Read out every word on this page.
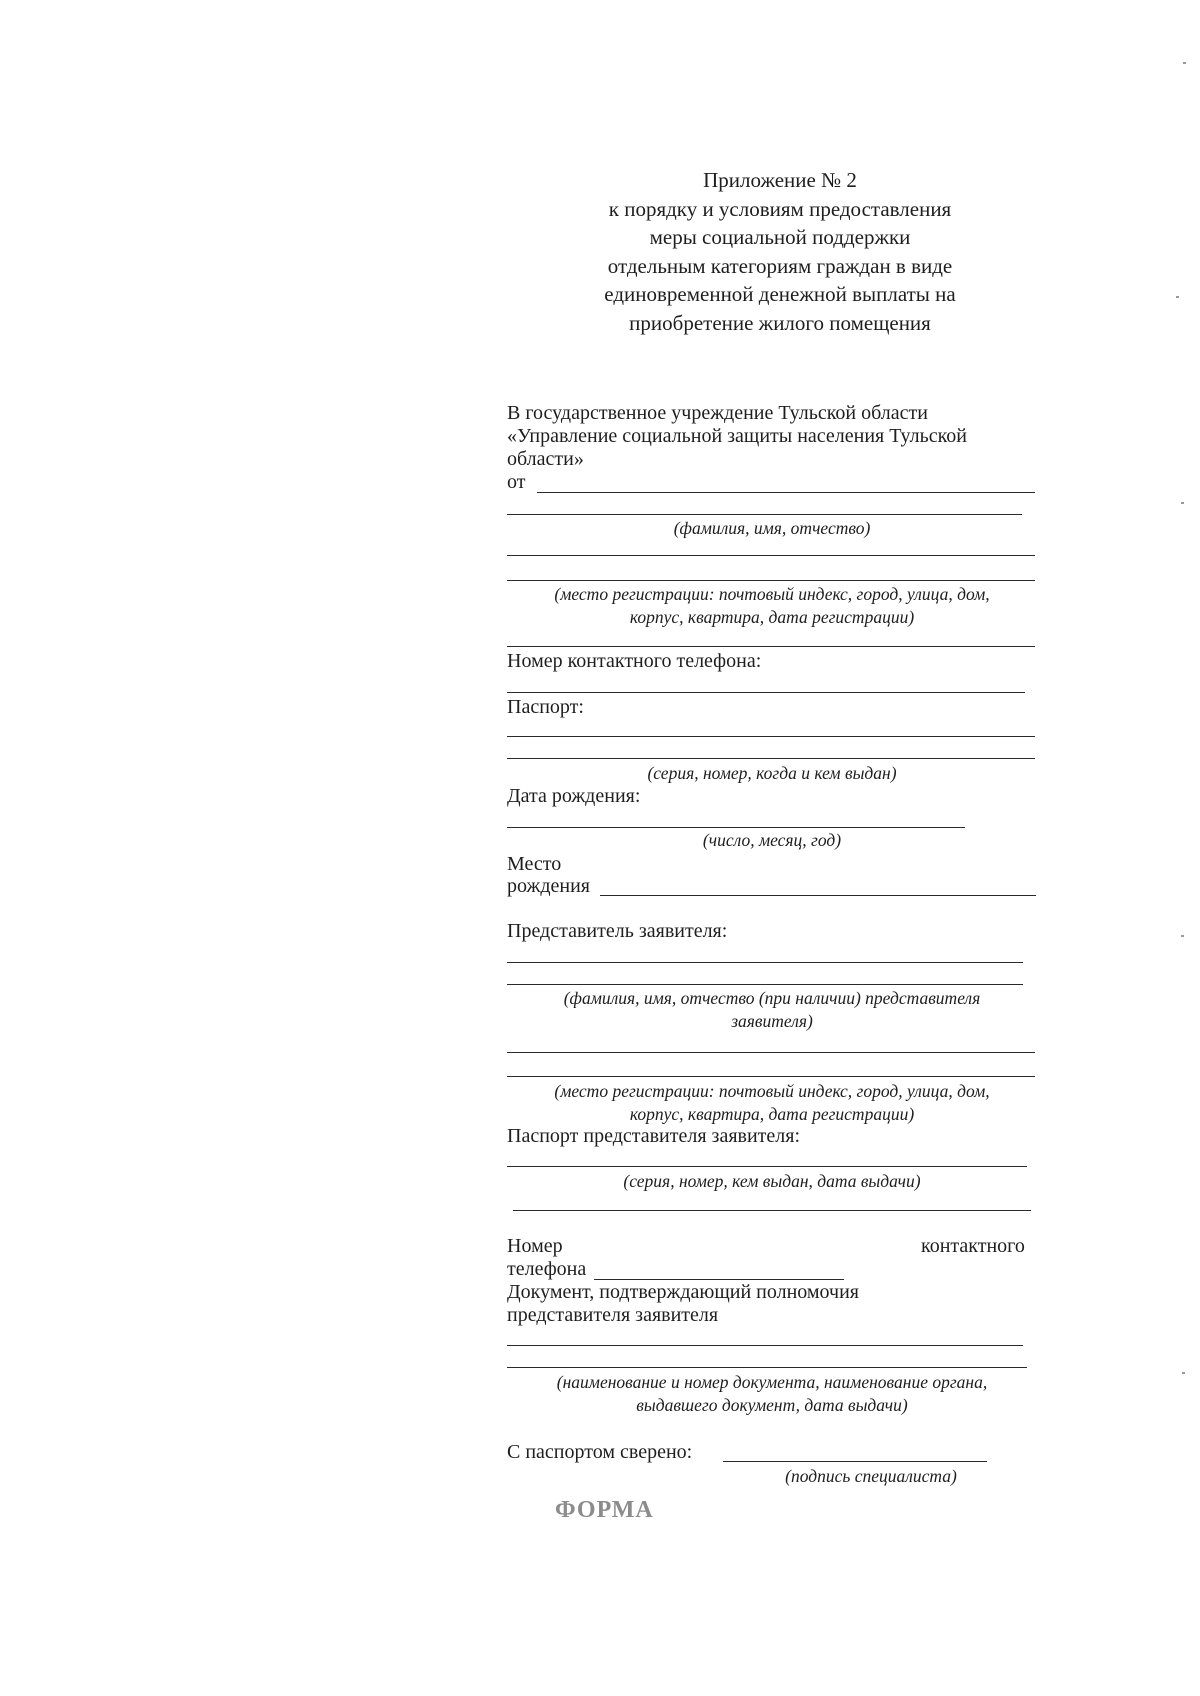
Приложение № 2
к порядку и условиям предоставления
меры социальной поддержки
отдельным категориям граждан в виде
единовременной денежной выплаты на
приобретение жилого помещения
В государственное учреждение Тульской области
«Управление социальной защиты населения Тульской
области»
от
(фамилия, имя, отчество)
(место регистрации: почтовый индекс, город, улица, дом,
корпус, квартира, дата регистрации)
Номер контактного телефона:
Паспорт:
(серия, номер, когда и кем выдан)
Дата рождения:
(число, месяц, год)
Место
рождения
Представитель заявителя:
(фамилия, имя, отчество (при наличии) представителя
заявителя)
(место регистрации: почтовый индекс, город, улица, дом,
корпус, квартира, дата регистрации)
Паспорт представителя заявителя:
(серия, номер, кем выдан, дата выдачи)
Номер	контактного
телефона
Документ, подтверждающий полномочия
представителя заявителя
(наименование и номер документа, наименование органа,
выдавшего документ, дата выдачи)
С паспортом сверено:
(подпись специалиста)
ФОРМА
